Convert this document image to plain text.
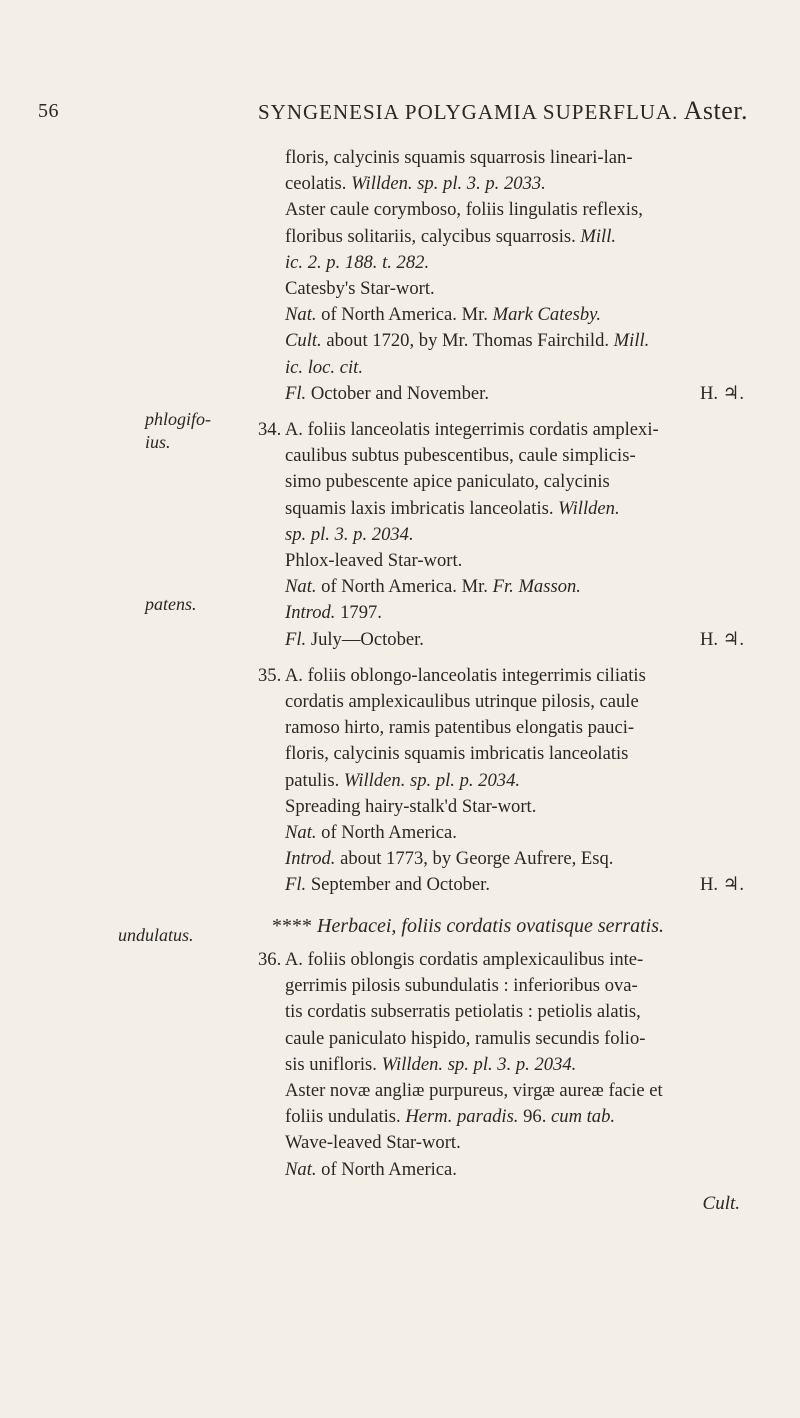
56	SYNGENESIA POLYGAMIA SUPERFLUA. Aster.
phlogifo-
ius.
patens.
undulatus.
floris, calycinis squamis squarrosis lineari-lan-
ceolatis. Willden. sp. pl. 3. p. 2033.
Aster caule corymboso, foliis lingulatis reflexis,
floribus solitariis, calycibus squarrosis. Mill.
ic. 2. p. 188. t. 282.
Catesby's Star-wort.
Nat. of North America. Mr. Mark Catesby.
Cult. about 1720, by Mr. Thomas Fairchild. Mill.
ic. loc. cit.
Fl. October and November.	H. ♃.
34. A. foliis lanceolatis integerrimis cordatis amplexi-
caulibus subtus pubescentibus, caule simplicis-
simo pubescente apice paniculato, calycinis
squamis laxis imbricatis lanceolatis. Willden.
sp. pl. 3. p. 2034.
Phlox-leaved Star-wort.
Nat. of North America. Mr. Fr. Masson.
Introd. 1797.
Fl. July—October.	H. ♃.
35. A. foliis oblongo-lanceolatis integerrimis ciliatis
cordatis amplexicaulibus utrinque pilosis, caule
ramoso hirto, ramis patentibus elongatis pauci-
floris, calycinis squamis imbricatis lanceolatis
patulis. Willden. sp. pl. p. 2034.
Spreading hairy-stalk'd Star-wort.
Nat. of North America.
Introd. about 1773, by George Aufrere, Esq.
Fl. September and October.	H. ♃.
**** Herbacei, foliis cordatis ovatisque serratis.
36. A. foliis oblongis cordatis amplexicaulibus inte-
gerrimis pilosis subundulatis : inferioribus ova-
tis cordatis subserratis petiolatis : petiolis alatis,
caule paniculato hispido, ramulis secundis folio-
sis unifloris. Willden. sp. pl. 3. p. 2034.
Aster novæ angliæ purpureus, virgæ aureæ facie et
foliis undulatis. Herm. paradis. 96. cum tab.
Wave-leaved Star-wort.
Nat. of North America.
Cult.
